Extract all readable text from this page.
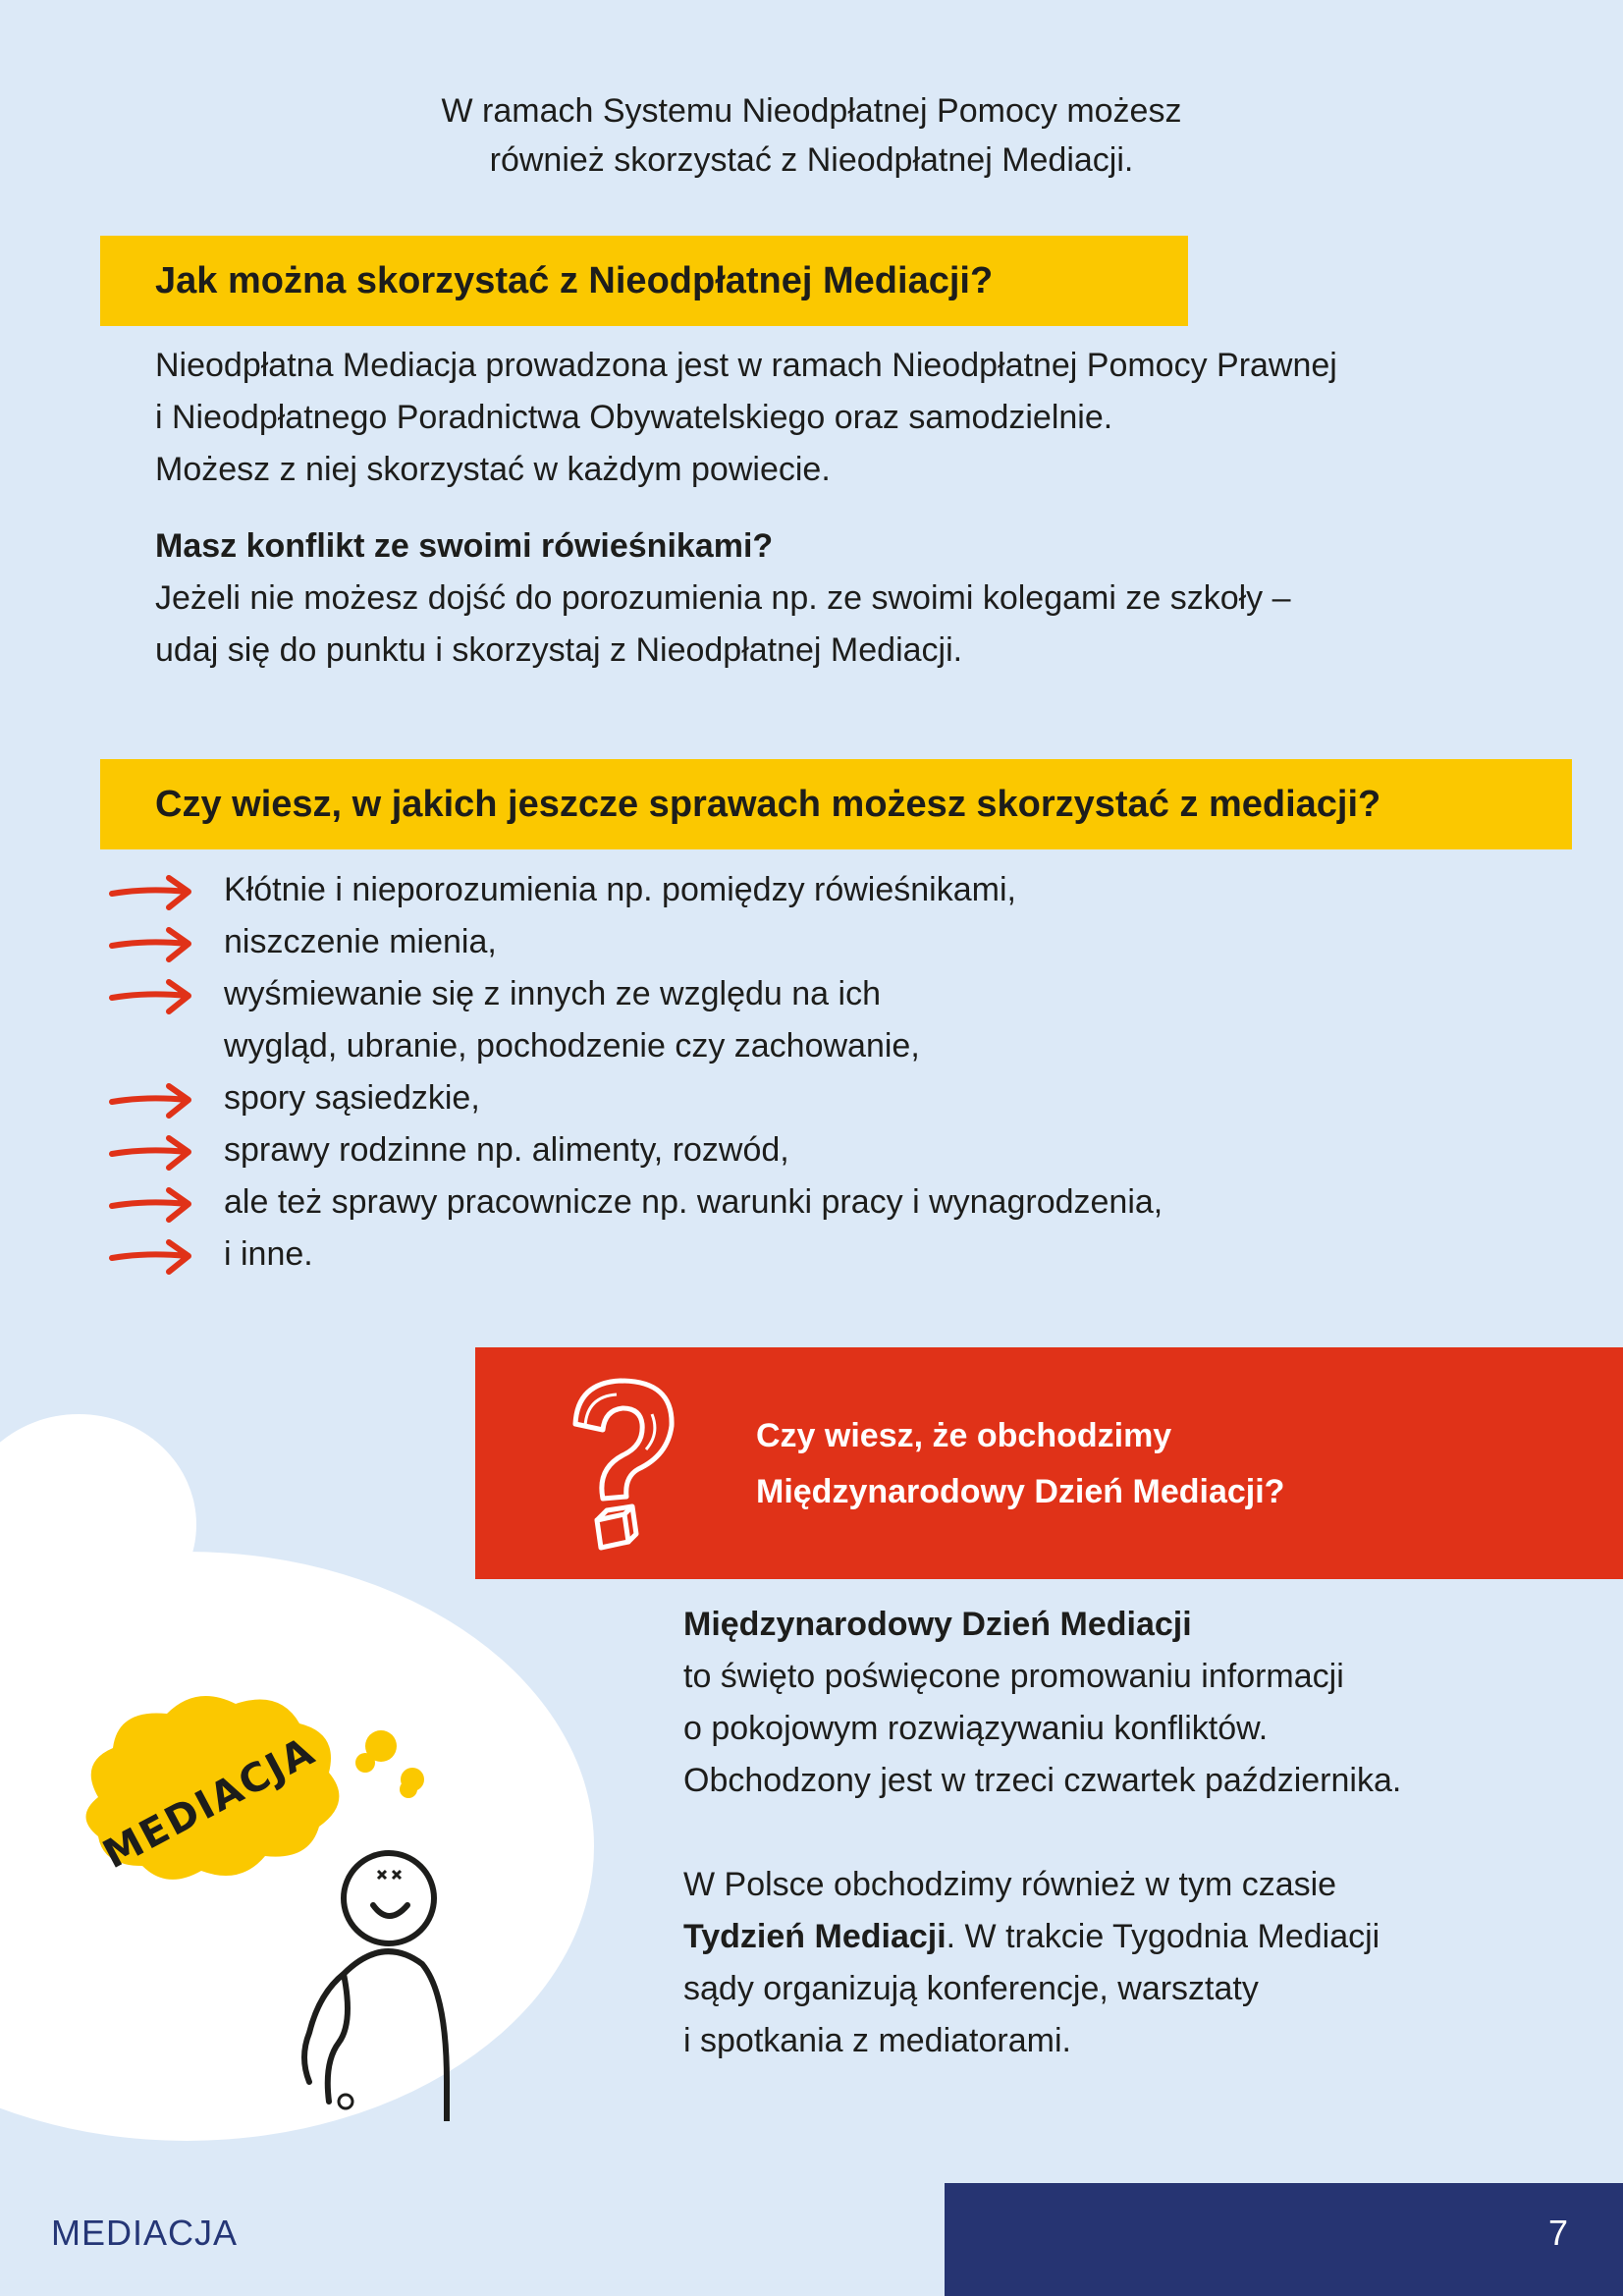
W ramach Systemu Nieodpłatnej Pomocy możesz
również skorzystać z Nieodpłatnej Mediacji.
Jak można skorzystać z Nieodpłatnej Mediacji?
Nieodpłatna Mediacja prowadzona jest w ramach Nieodpłatnej Pomocy Prawnej
i Nieodpłatnego Poradnictwa Obywatelskiego oraz samodzielnie.
Możesz z niej skorzystać w każdym powiecie.
Masz konflikt ze swoimi rówieśnikami?
Jeżeli nie możesz dojść do porozumienia np. ze swoimi kolegami ze szkoły –
udaj się do punktu i skorzystaj z Nieodpłatnej Mediacji.
Czy wiesz, w jakich jeszcze sprawach możesz skorzystać z mediacji?
Kłótnie i nieporozumienia np. pomiędzy rówieśnikami,
niszczenie mienia,
wyśmiewanie się z innych ze względu na ich
wygląd, ubranie, pochodzenie czy zachowanie,
spory sąsiedzkie,
sprawy rodzinne np. alimenty, rozwód,
ale też sprawy pracownicze np. warunki pracy i wynagrodzenia,
i inne.
MEDIACJA
Czy wiesz, że obchodzimy
Międzynarodowy Dzień Mediacji?
Międzynarodowy Dzień Mediacji
to święto poświęcone promowaniu informacji
o pokojowym rozwiązywaniu konfliktów.
Obchodzony jest w trzeci czwartek października.
W Polsce obchodzimy również w tym czasie
Tydzień Mediacji. W trakcie Tygodnia Mediacji
sądy organizują konferencje, warsztaty
i spotkania z mediatorami.
MEDIACJA	7
